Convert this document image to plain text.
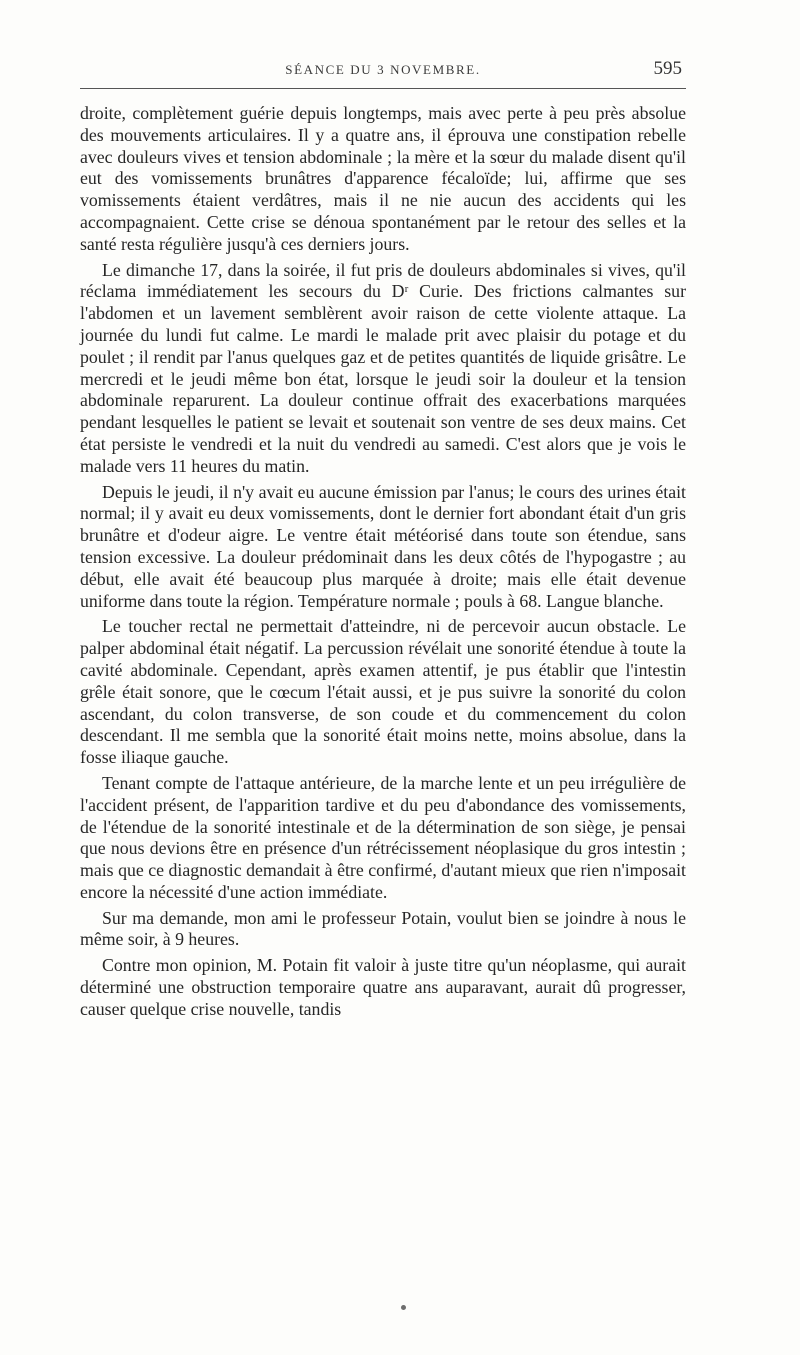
SÉANCE DU 3 NOVEMBRE.	595

droite, complètement guérie depuis longtemps, mais avec perte à peu près absolue des mouvements articulaires. Il y a quatre ans, il éprouva une constipation rebelle avec douleurs vives et tension abdominale ; la mère et la sœur du malade disent qu'il eut des vomissements brunâtres d'apparence fécaloïde; lui, affirme que ses vomissements étaient verdâtres, mais il ne nie aucun des accidents qui les accompagnaient. Cette crise se dénoua spontanément par le retour des selles et la santé resta régulière jusqu'à ces derniers jours.

Le dimanche 17, dans la soirée, il fut pris de douleurs abdominales si vives, qu'il réclama immédiatement les secours du Dʳ Curie. Des frictions calmantes sur l'abdomen et un lavement semblèrent avoir raison de cette violente attaque. La journée du lundi fut calme. Le mardi le malade prit avec plaisir du potage et du poulet ; il rendit par l'anus quelques gaz et de petites quantités de liquide grisâtre. Le mercredi et le jeudi même bon état, lorsque le jeudi soir la douleur et la tension abdominale reparurent. La douleur continue offrait des exacerbations marquées pendant lesquelles le patient se levait et soutenait son ventre de ses deux mains. Cet état persiste le vendredi et la nuit du vendredi au samedi. C'est alors que je vois le malade vers 11 heures du matin.

Depuis le jeudi, il n'y avait eu aucune émission par l'anus; le cours des urines était normal; il y avait eu deux vomissements, dont le dernier fort abondant était d'un gris brunâtre et d'odeur aigre. Le ventre était météorisé dans toute son étendue, sans tension excessive. La douleur prédominait dans les deux côtés de l'hypogastre ; au début, elle avait été beaucoup plus marquée à droite; mais elle était devenue uniforme dans toute la région. Température normale ; pouls à 68. Langue blanche.

Le toucher rectal ne permettait d'atteindre, ni de percevoir aucun obstacle. Le palper abdominal était négatif. La percussion révélait une sonorité étendue à toute la cavité abdominale. Cependant, après examen attentif, je pus établir que l'intestin grêle était sonore, que le cœcum l'était aussi, et je pus suivre la sonorité du colon ascendant, du colon transverse, de son coude et du commencement du colon descendant. Il me sembla que la sonorité était moins nette, moins absolue, dans la fosse iliaque gauche.

Tenant compte de l'attaque antérieure, de la marche lente et un peu irrégulière de l'accident présent, de l'apparition tardive et du peu d'abondance des vomissements, de l'étendue de la sonorité intestinale et de la détermination de son siège, je pensai que nous devions être en présence d'un rétrécissement néoplasique du gros intestin ; mais que ce diagnostic demandait à être confirmé, d'autant mieux que rien n'imposait encore la nécessité d'une action immédiate.

Sur ma demande, mon ami le professeur Potain, voulut bien se joindre à nous le même soir, à 9 heures.

Contre mon opinion, M. Potain fit valoir à juste titre qu'un néoplasme, qui aurait déterminé une obstruction temporaire quatre ans auparavant, aurait dû progresser, causer quelque crise nouvelle, tandis
